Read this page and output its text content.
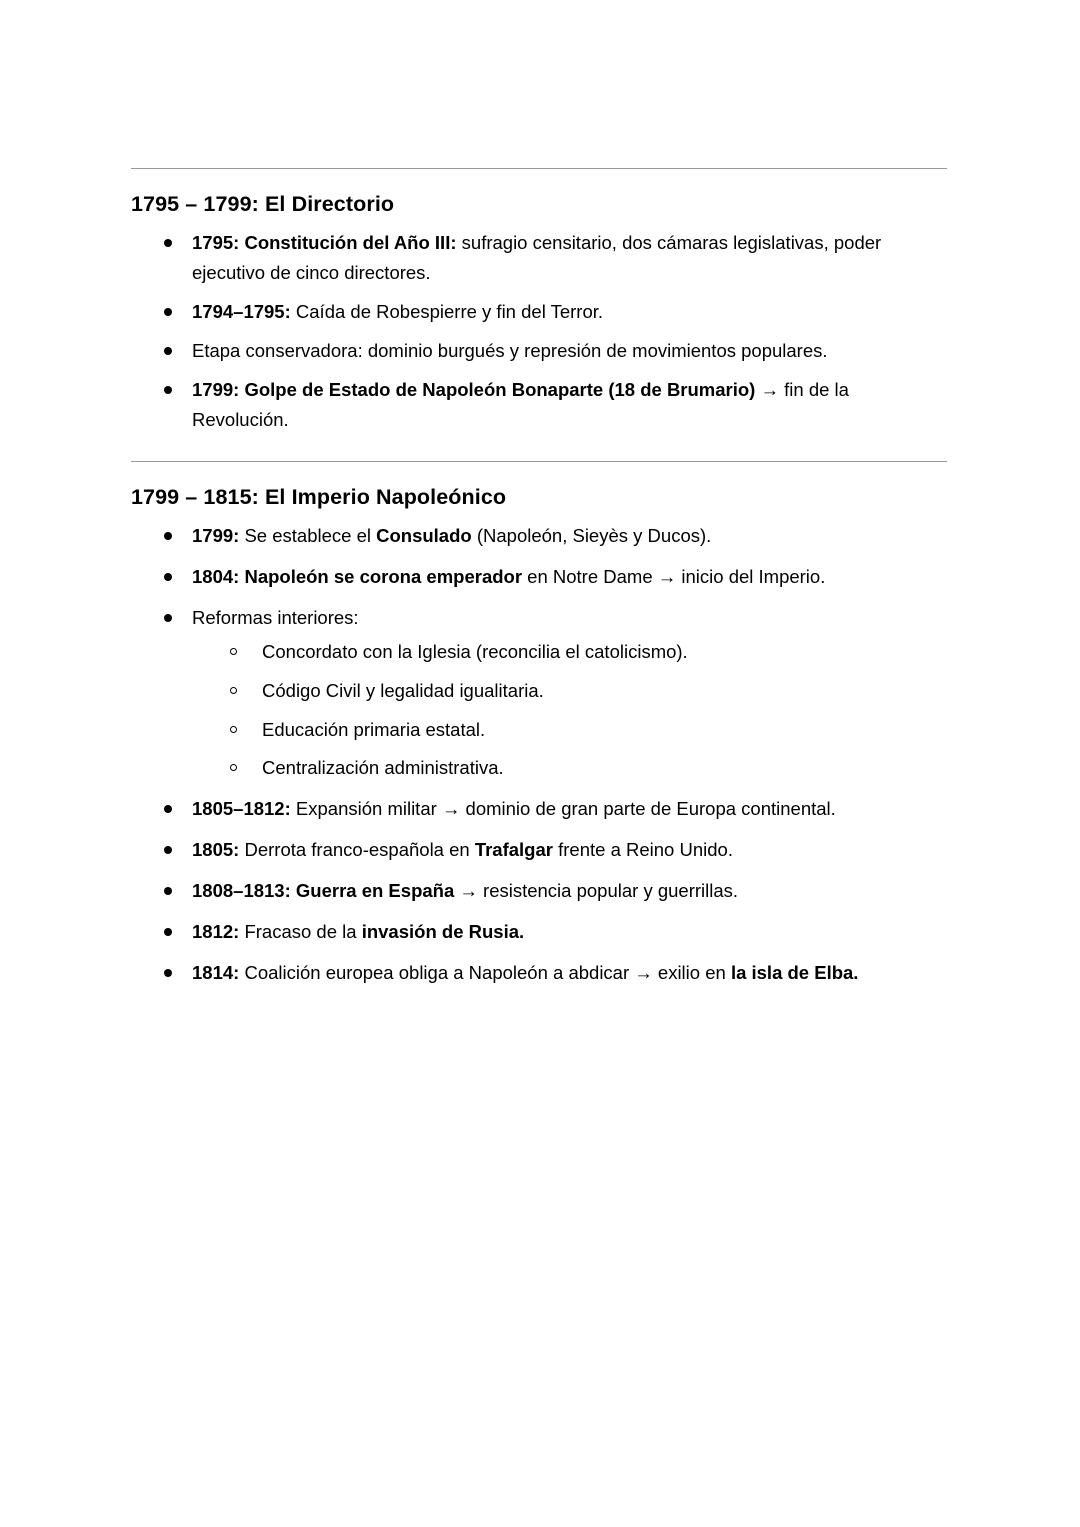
1795 – 1799: El Directorio
1795: Constitución del Año III: sufragio censitario, dos cámaras legislativas, poder ejecutivo de cinco directores.
1794–1795: Caída de Robespierre y fin del Terror.
Etapa conservadora: dominio burgués y represión de movimientos populares.
1799: Golpe de Estado de Napoleón Bonaparte (18 de Brumario) → fin de la Revolución.
1799 – 1815: El Imperio Napoleónico
1799: Se establece el Consulado (Napoleón, Sieyès y Ducos).
1804: Napoleón se corona emperador en Notre Dame → inicio del Imperio.
Reformas interiores:
Concordato con la Iglesia (reconcilia el catolicismo).
Código Civil y legalidad igualitaria.
Educación primaria estatal.
Centralización administrativa.
1805–1812: Expansión militar → dominio de gran parte de Europa continental.
1805: Derrota franco-española en Trafalgar frente a Reino Unido.
1808–1813: Guerra en España → resistencia popular y guerrillas.
1812: Fracaso de la invasión de Rusia.
1814: Coalición europea obliga a Napoleón a abdicar → exilio en la isla de Elba.
